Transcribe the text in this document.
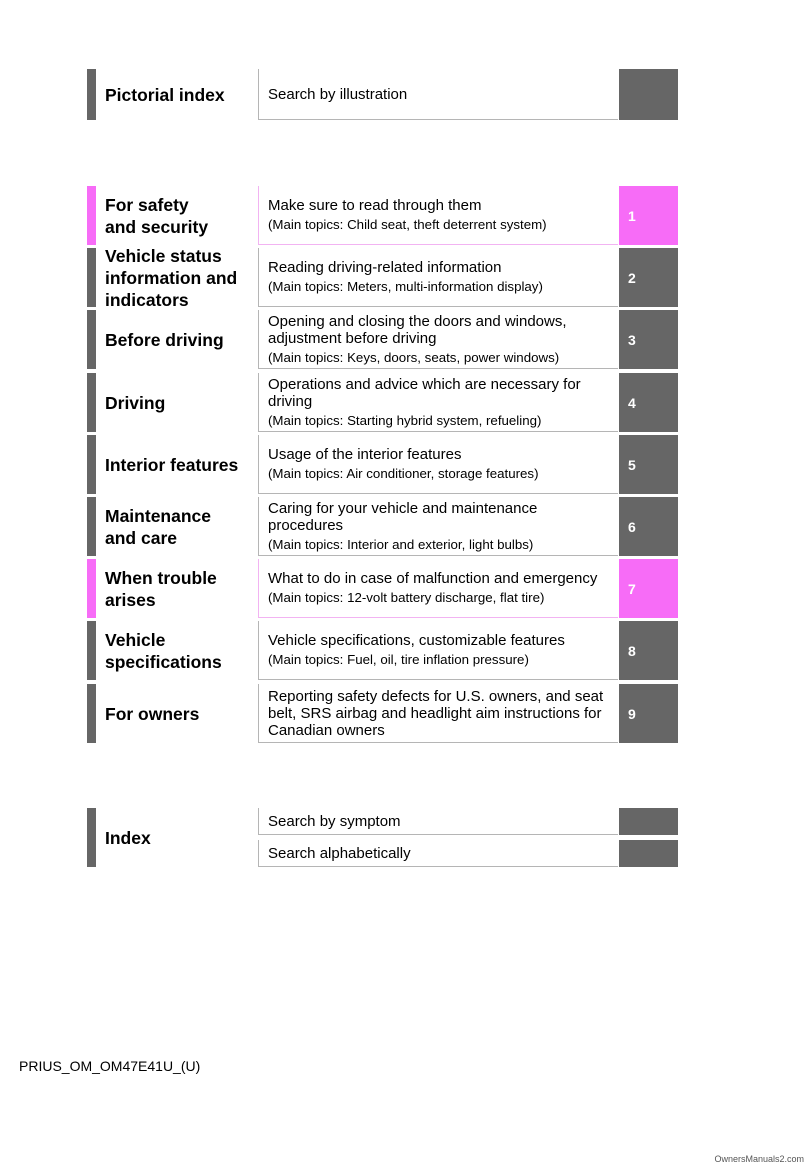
Pictorial index	Search by illustration
For safety
and security
Make sure to read through them
(Main topics: Child seat, theft deterrent system)
1
Vehicle status
information and
indicators
Reading driving-related information
(Main topics: Meters, multi-information display)
2
Before driving
Opening and closing the doors and windows,
adjustment before driving
(Main topics: Keys, doors, seats, power windows)
3
Driving
Operations and advice which are necessary for
driving
(Main topics: Starting hybrid system, refueling)
4
Interior features	Usage of the interior features
(Main topics: Air conditioner, storage features)
5
Maintenance
and care
Caring for your vehicle and maintenance
procedures
(Main topics: Interior and exterior, light bulbs)
6
When trouble
arises
What to do in case of malfunction and emergency
(Main topics: 12-volt battery discharge, flat tire)
7
Vehicle
specifications
Vehicle specifications, customizable features
(Main topics: Fuel, oil, tire inflation pressure)
8
For owners
Reporting safety defects for U.S. owners, and seat
belt, SRS airbag and headlight aim instructions for
Canadian owners
9
Index
Search by symptom
Search alphabetically
PRIUS_OM_OM47E41U_(U)
OwnersManuals2.com
